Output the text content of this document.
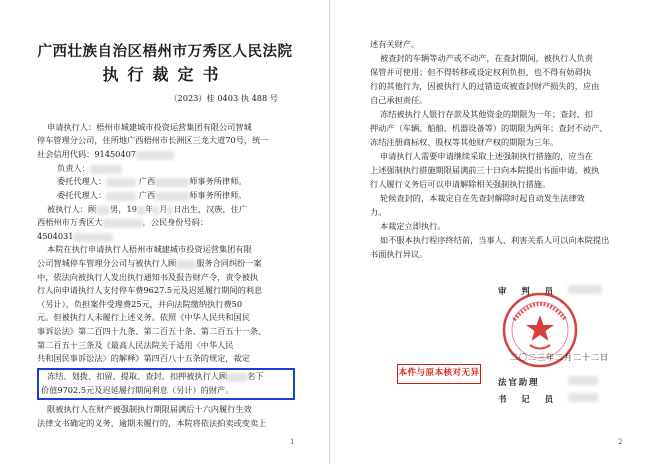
广西壮族自治区梧州市万秀区人民法院
执行裁定书
（2023）桂 0403 执 488 号
申请执行人：梧州市城建城市投资运营集团有限公司智城
停车管理分公司，住所地广西梧州市长洲区三龙大道70号，统一
社会信用代码：91450407
负责人：
委托代理人：	广西	师事务所律师。
委托代理人：	广西	师事务所律师。
被执行人：顾 男，19 年 月 日出生，汉族，住广
西梧州市万秀区大	，公民身份号码：
4504031
本院在执行申请执行人梧州市城建城市投资运营集团有限
公司智城停车管理分公司与被执行人顾 服务合同纠纷一案
中，依法向被执行人发出执行通知书及报告财产令，责令被执
行人向申请执行人支付停车费9627.5元及迟延履行期间的利息
（另计），负担案件受理费25元，并向法院缴纳执行费50
元。但被执行人未履行上述义务。依照《中华人民共和国民
事诉讼法》第二百四十九条、第二百五十条、第二百五十一条、
第二百五十三条及《最高人民法院关于适用〈中华人民
共和国民事诉讼法〉的解释》第四百八十五条的规定，裁定
冻结、划拨、扣留、提取、查封、扣押被执行人顾 名下
价值9702.5元及迟延履行期间利息（另计）的财产。
限被执行人在财产被强制执行期限届满后十六内履行生效
法律文书确定的义务，逾期未履行的，本院将依法拍卖或变卖上
1
述有关财产。
被查封的车辆等动产或不动产，在查封期间，被执行人负责
保管并可使用；但不得转移或设定权利负担，也不得有妨碍执
行的其他行为，因被执行人的过错造成被查封财产损失的，应由
自己承担责任。
冻结被执行人银行存款及其他资金的期限为一年；查封、扣
押动产（车辆、船舶、机器设备等）的期限为两年；查封不动产、
冻结注册商标权、股权等其他财产权的期限为三年。
申请执行人需要申请继续采取上述强制执行措施的，应当在
上述强制执行措施期限届满前三十日向本院提出书面申请，被执
行人履行义务后可以申请解除相关强制执行措施。
轮候查封的，本裁定自在先查封解除时起自动发生法律效
力。
本裁定立即执行。
如不服本执行程序终结前，当事人、利害关系人可以向本院提出
书面执行异议。
审 判 员
二〇二三年二月二十二日
本件与原本核对无异
法官助理
书 记 员
2
